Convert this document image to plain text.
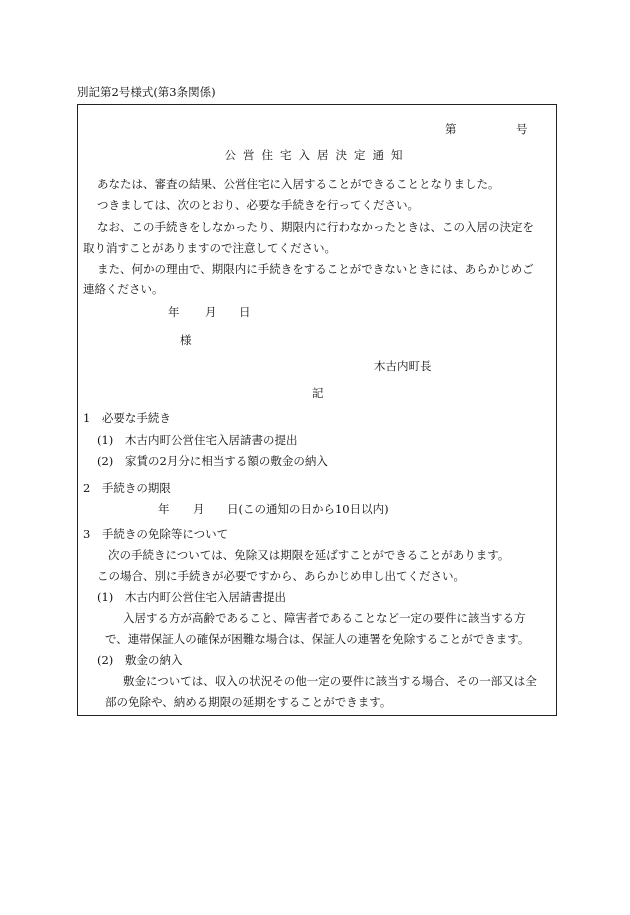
別記第2号様式(第3条関係)
第	号
公営住宅入居決定通知
あなたは、審査の結果、公営住宅に入居することができることとなりました。
つきましては、次のとおり、必要な手続きを行ってください。
なお、この手続きをしなかったり、期限内に行わなかったときは、この入居の決定を
取り消すことがありますので注意してください。
また、何かの理由で、期限内に手続きをすることができないときには、あらかじめご
連絡ください。
年 月 日
様
木古内町長
記
1　必要な手続き
(1) 木古内町公営住宅入居請書の提出
(2) 家賃の2月分に相当する額の敷金の納入
2　手続きの期限
年 月 日(この通知の日から10日以内)
3　手続きの免除等について
次の手続きについては、免除又は期限を延ばすことができることがあります。
この場合、別に手続きが必要ですから、あらかじめ申し出てください。
(1) 木古内町公営住宅入居請書提出
入居する方が高齢であること、障害者であることなど一定の要件に該当する方
で、連帯保証人の確保が困難な場合は、保証人の連署を免除することができます。
(2) 敷金の納入
敷金については、収入の状況その他一定の要件に該当する場合、その一部又は全
部の免除や、納める期限の延期をすることができます。
